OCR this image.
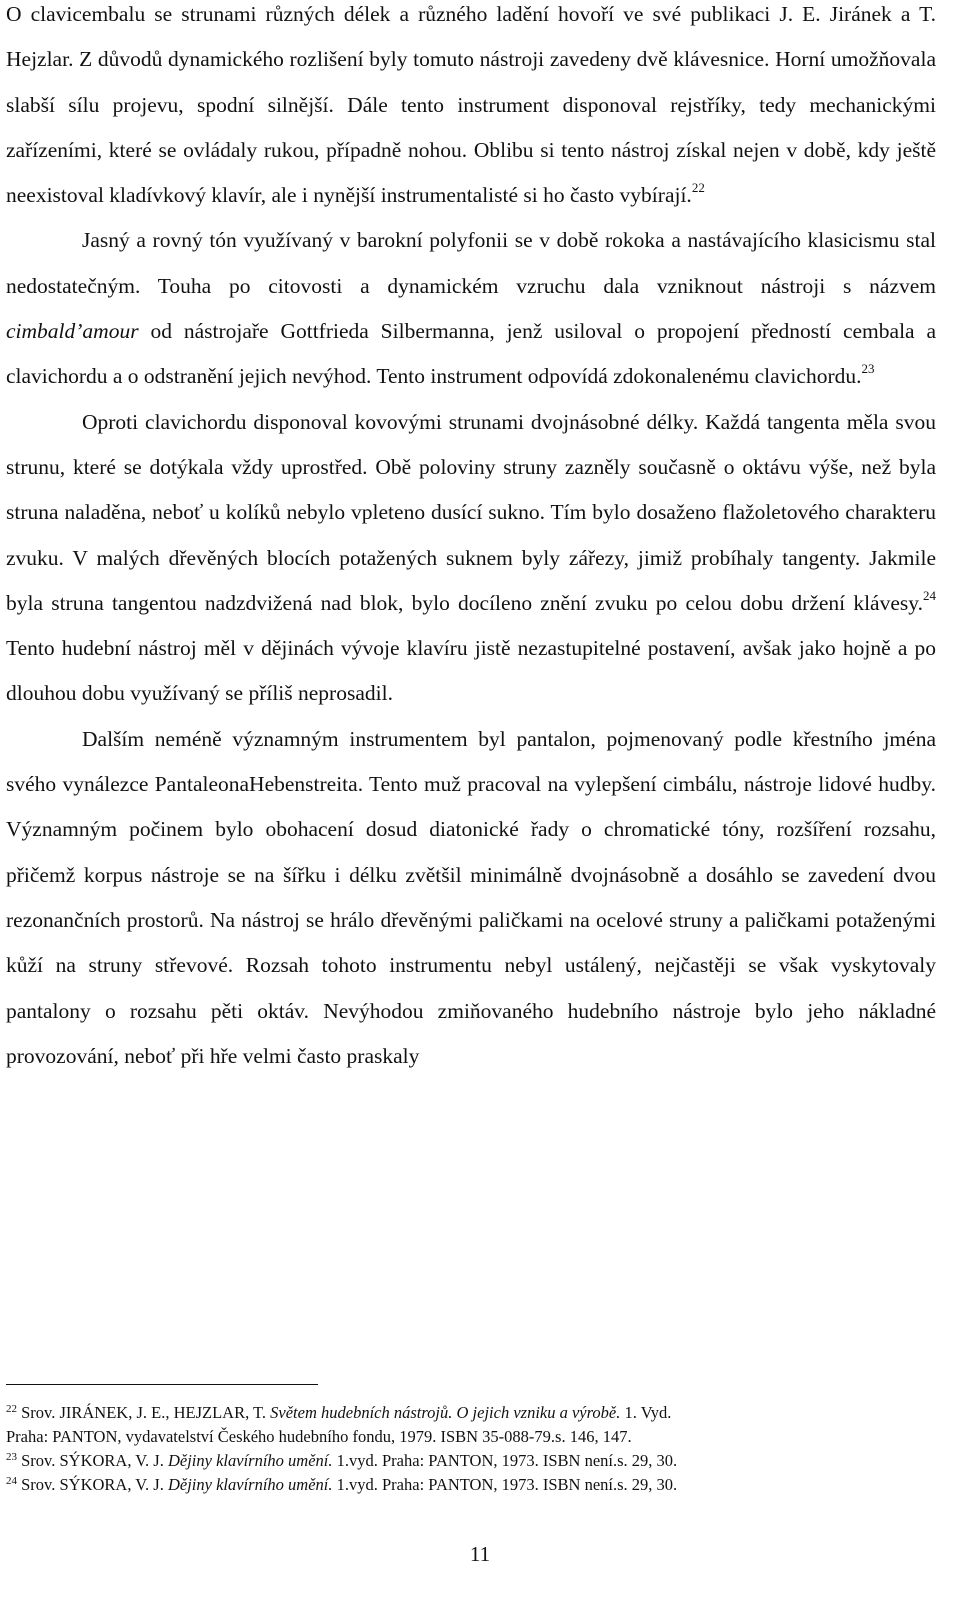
O clavicembalu se strunami různých délek a různého ladění hovoří ve své publikaci J. E. Jiránek a T. Hejzlar. Z důvodů dynamického rozlišení byly tomuto nástroji zavedeny dvě klávesnice. Horní umožňovala slabší sílu projevu, spodní silnější. Dále tento instrument disponoval rejstříky, tedy mechanickými zařízeními, které se ovládaly rukou, případně nohou. Oblibu si tento nástroj získal nejen v době, kdy ještě neexistoval kladívkový klavír, ale i nynější instrumentalisté si ho často vybírají.$^{22}$

Jasný a rovný tón využívaný v barokní polyfonii se v době rokoka a nastávajícího klasicismu stal nedostatečným. Touha po citovosti a dynamickém vzruchu dala vzniknout nástroji s názvem cimbald’amour od nástrojaře Gottfrieda Silbermanna, jenž usiloval o propojení předností cembala a clavichordu a o odstranění jejich nevýhod. Tento instrument odpovídá zdokonalenému clavichordu.$^{23}$

Oproti clavichordu disponoval kovovými strunami dvojnásobné délky. Každá tangenta měla svou strunu, které se dotýkala vždy uprostřed. Obě poloviny struny zazněly současně o oktávu výše, než byla struna naladěna, neboť u kolíků nebylo vpleteno dusící sukno. Tím bylo dosaženo flažoletového charakteru zvuku. V malých dřevěných blocích potažených suknem byly zářezy, jimiž probíhaly tangenty. Jakmile byla struna tangentou nadzdvižená nad blok, bylo docíleno znění zvuku po celou dobu držení klávesy.$^{24}$ Tento hudební nástroj měl v dějinách vývoje klavíru jistě nezastupitelné postavení, avšak jako hojně a po dlouhou dobu využívaný se příliš neprosadil.

Dalším neméně významným instrumentem byl pantalon, pojmenovaný podle křestního jména svého vynálezce PantaleonaHebenstreita. Tento muž pracoval na vylepšení cimbálu, nástroje lidové hudby. Významným počinem bylo obohacení dosud diatonické řady o chromatické tóny, rozšíření rozsahu, přičemž korpus nástroje se na šířku i délku zvětšil minimálně dvojnásobně a dosáhlo se zavedení dvou rezonančních prostorů. Na nástroj se hrálo dřevěnými paličkami na ocelové struny a paličkami potaženými kůží na struny střevové. Rozsah tohoto instrumentu nebyl ustálený, nejčastěji se však vyskytovaly pantalony o rozsahu pěti oktáv. Nevýhodou zmiňovaného hudebního nástroje bylo jeho nákladné provozování, neboť při hře velmi často praskaly

$^{22}$ Srov. JIRÁNEK, J. E., HEJZLAR, T. Světem hudebních nástrojů. O jejich vzniku a výrobě. 1. Vyd.
Praha: PANTON, vydavatelství Českého hudebního fondu, 1979. ISBN 35-088-79.s. 146, 147.
$^{23}$ Srov. SÝKORA, V. J. Dějiny klavírního umění. 1.vyd. Praha: PANTON, 1973. ISBN není.s. 29, 30.
$^{24}$ Srov. SÝKORA, V. J. Dějiny klavírního umění. 1.vyd. Praha: PANTON, 1973. ISBN není.s. 29, 30.
11
